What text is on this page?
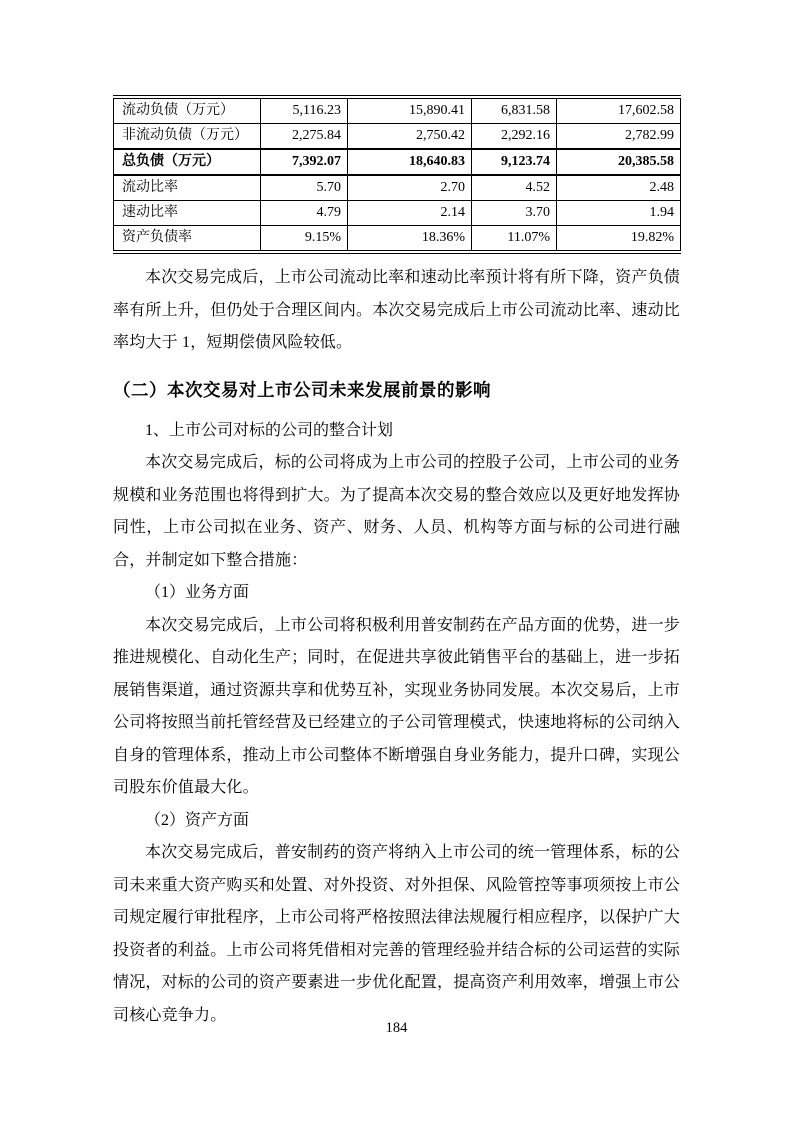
流动负债（万元）	5,116.23	15,890.41	6,831.58	17,602.58
非流动负债（万元）	2,275.84	2,750.42	2,292.16	2,782.99
总负债（万元）	7,392.07	18,640.83	9,123.74	20,385.58
流动比率	5.70	2.70	4.52	2.48
速动比率	4.79	2.14	3.70	1.94
资产负债率	9.15%	18.36%	11.07%	19.82%

本次交易完成后，上市公司流动比率和速动比率预计将有所下降，资产负债率有所上升，但仍处于合理区间内。本次交易完成后上市公司流动比率、速动比率均大于 1，短期偿债风险较低。

（二）本次交易对上市公司未来发展前景的影响
1、上市公司对标的公司的整合计划

本次交易完成后，标的公司将成为上市公司的控股子公司，上市公司的业务规模和业务范围也将得到扩大。为了提高本次交易的整合效应以及更好地发挥协同性，上市公司拟在业务、资产、财务、人员、机构等方面与标的公司进行融合，并制定如下整合措施：

（1）业务方面

本次交易完成后，上市公司将积极利用普安制药在产品方面的优势，进一步推进规模化、自动化生产；同时，在促进共享彼此销售平台的基础上，进一步拓展销售渠道，通过资源共享和优势互补，实现业务协同发展。本次交易后，上市公司将按照当前托管经营及已经建立的子公司管理模式，快速地将标的公司纳入自身的管理体系，推动上市公司整体不断增强自身业务能力，提升口碑，实现公司股东价值最大化。

（2）资产方面

本次交易完成后，普安制药的资产将纳入上市公司的统一管理体系，标的公司未来重大资产购买和处置、对外投资、对外担保、风险管控等事项须按上市公司规定履行审批程序，上市公司将严格按照法律法规履行相应程序，以保护广大投资者的利益。上市公司将凭借相对完善的管理经验并结合标的公司运营的实际情况，对标的公司的资产要素进一步优化配置，提高资产利用效率，增强上市公司核心竞争力。

184
